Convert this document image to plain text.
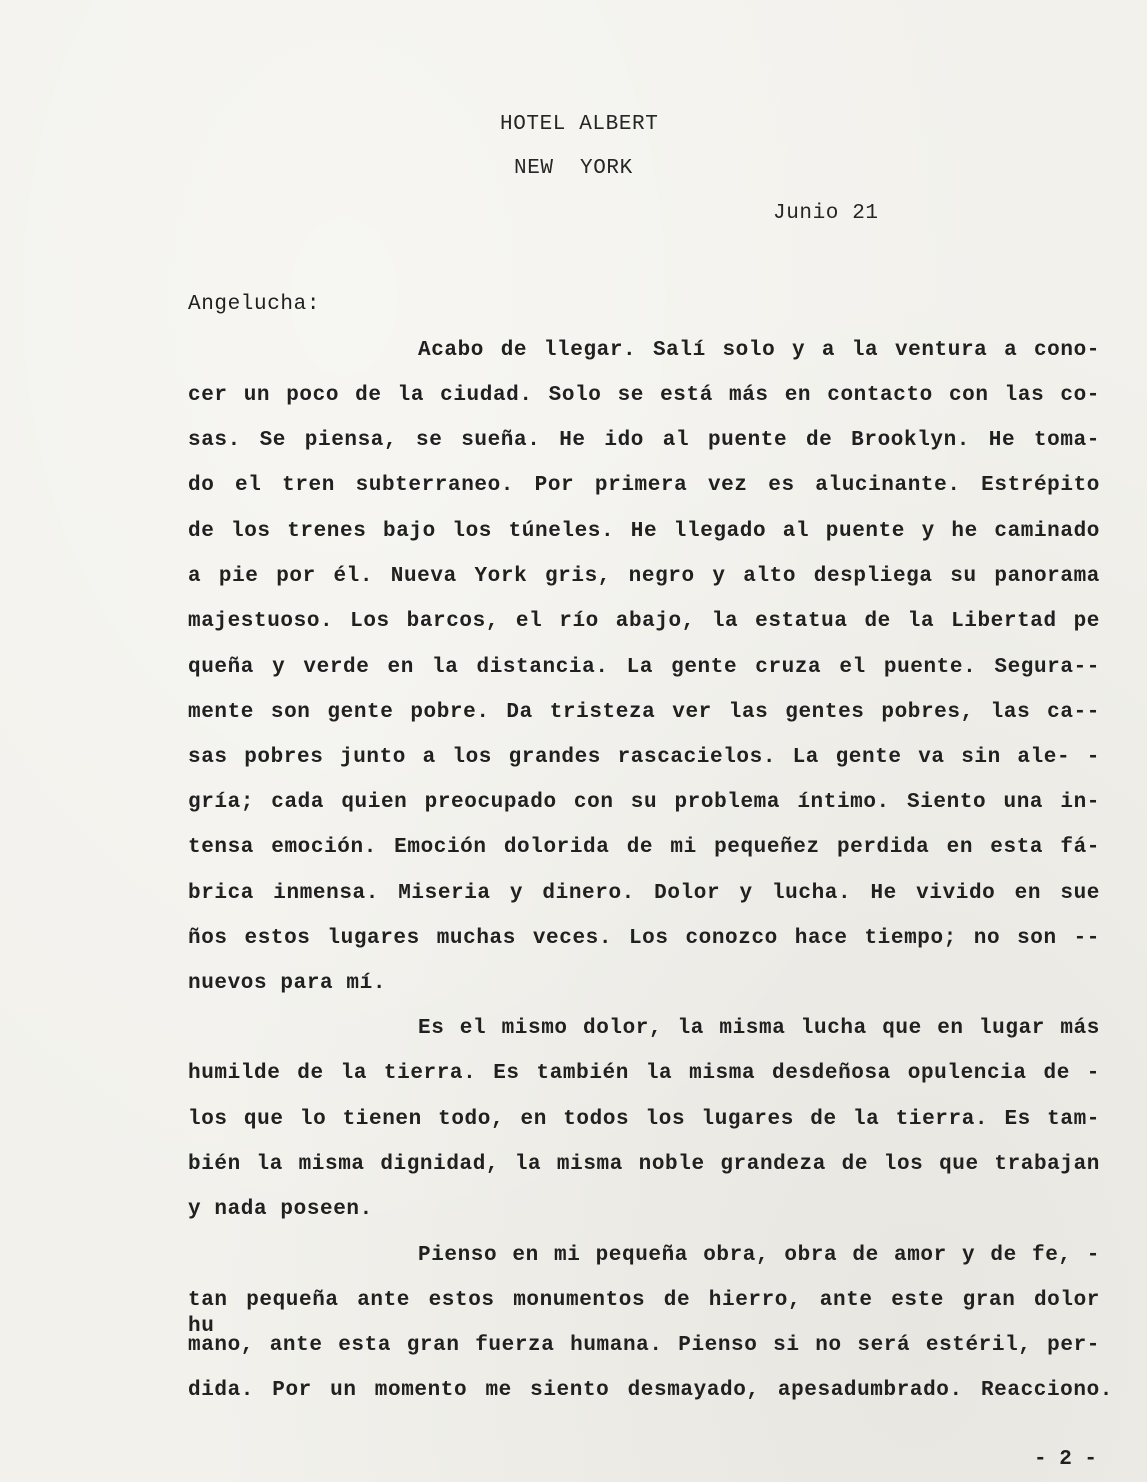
HOTEL ALBERT
NEW  YORK
Junio 21
Angelucha:
Acabo de llegar. Salí solo y a la ventura a cono-
cer un poco de la ciudad. Solo se está más en contacto con las co-
sas. Se piensa, se sueña. He ido al puente de Brooklyn. He toma-
do el tren subterraneo. Por primera vez es alucinante. Estrépito
de los trenes bajo los túneles. He llegado al puente y he caminado
a pie por él. Nueva York gris, negro y alto despliega su panorama
majestuoso. Los barcos, el río abajo, la estatua de la Libertad pe
queña y verde en la distancia. La gente cruza el puente. Segura--
mente son gente pobre. Da tristeza ver las gentes pobres, las ca--
sas pobres junto a los grandes rascacielos. La gente va sin ale- -
gría; cada quien preocupado con su problema íntimo. Siento una in-
tensa emoción. Emoción dolorida de mi pequeñez perdida en esta fá-
brica inmensa. Miseria y dinero. Dolor y lucha. He vivido en sue
ños estos lugares muchas veces. Los conozco hace tiempo; no son --
nuevos para mí.
Es el mismo dolor, la misma lucha que en lugar más
humilde de la tierra. Es también la misma desdeñosa opulencia de -
los que lo tienen todo, en todos los lugares de la tierra. Es tam-
bién la misma dignidad, la misma noble grandeza de los que trabajan
y nada poseen.
Pienso en mi pequeña obra, obra de amor y de fe, -
tan pequeña ante estos monumentos de hierro, ante este gran dolor hu
mano, ante esta gran fuerza humana. Pienso si no será estéril, per-
dida. Por un momento me siento desmayado, apesadumbrado. Reacciono.
- 2 -
